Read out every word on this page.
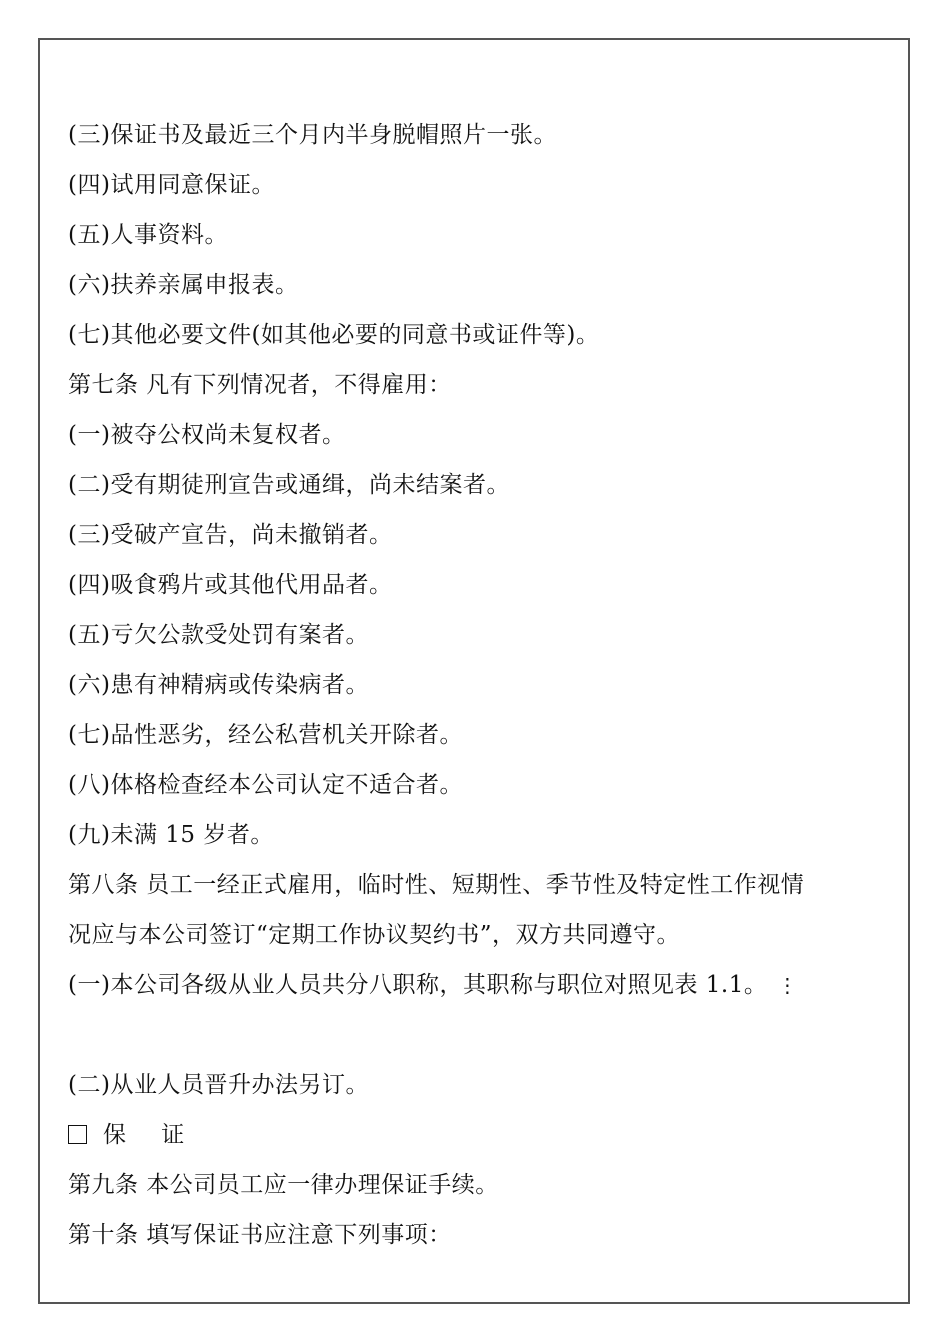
(三)保证书及最近三个月内半身脱帽照片一张。
(四)试用同意保证。
(五)人事资料。
(六)扶养亲属申报表。
(七)其他必要文件(如其他必要的同意书或证件等)。
第七条 凡有下列情况者，不得雇用：
(一)被夺公权尚未复权者。
(二)受有期徒刑宣告或通缉，尚未结案者。
(三)受破产宣告，尚未撤销者。
(四)吸食鸦片或其他代用品者。
(五)亏欠公款受处罚有案者。
(六)患有神精病或传染病者。
(七)品性恶劣，经公私营机关开除者。
(八)体格检查经本公司认定不适合者。
(九)未满 15 岁者。
第八条 员工一经正式雇用，临时性、短期性、季节性及特定性工作视情
况应与本公司签订“定期工作协议契约书”，双方共同遵守。
(一)本公司各级从业人员共分八职称，其职称与职位对照见表 1.1。 ⋮
(二)从业人员晋升办法另订。
保 证
第九条 本公司员工应一律办理保证手续。
第十条 填写保证书应注意下列事项：
